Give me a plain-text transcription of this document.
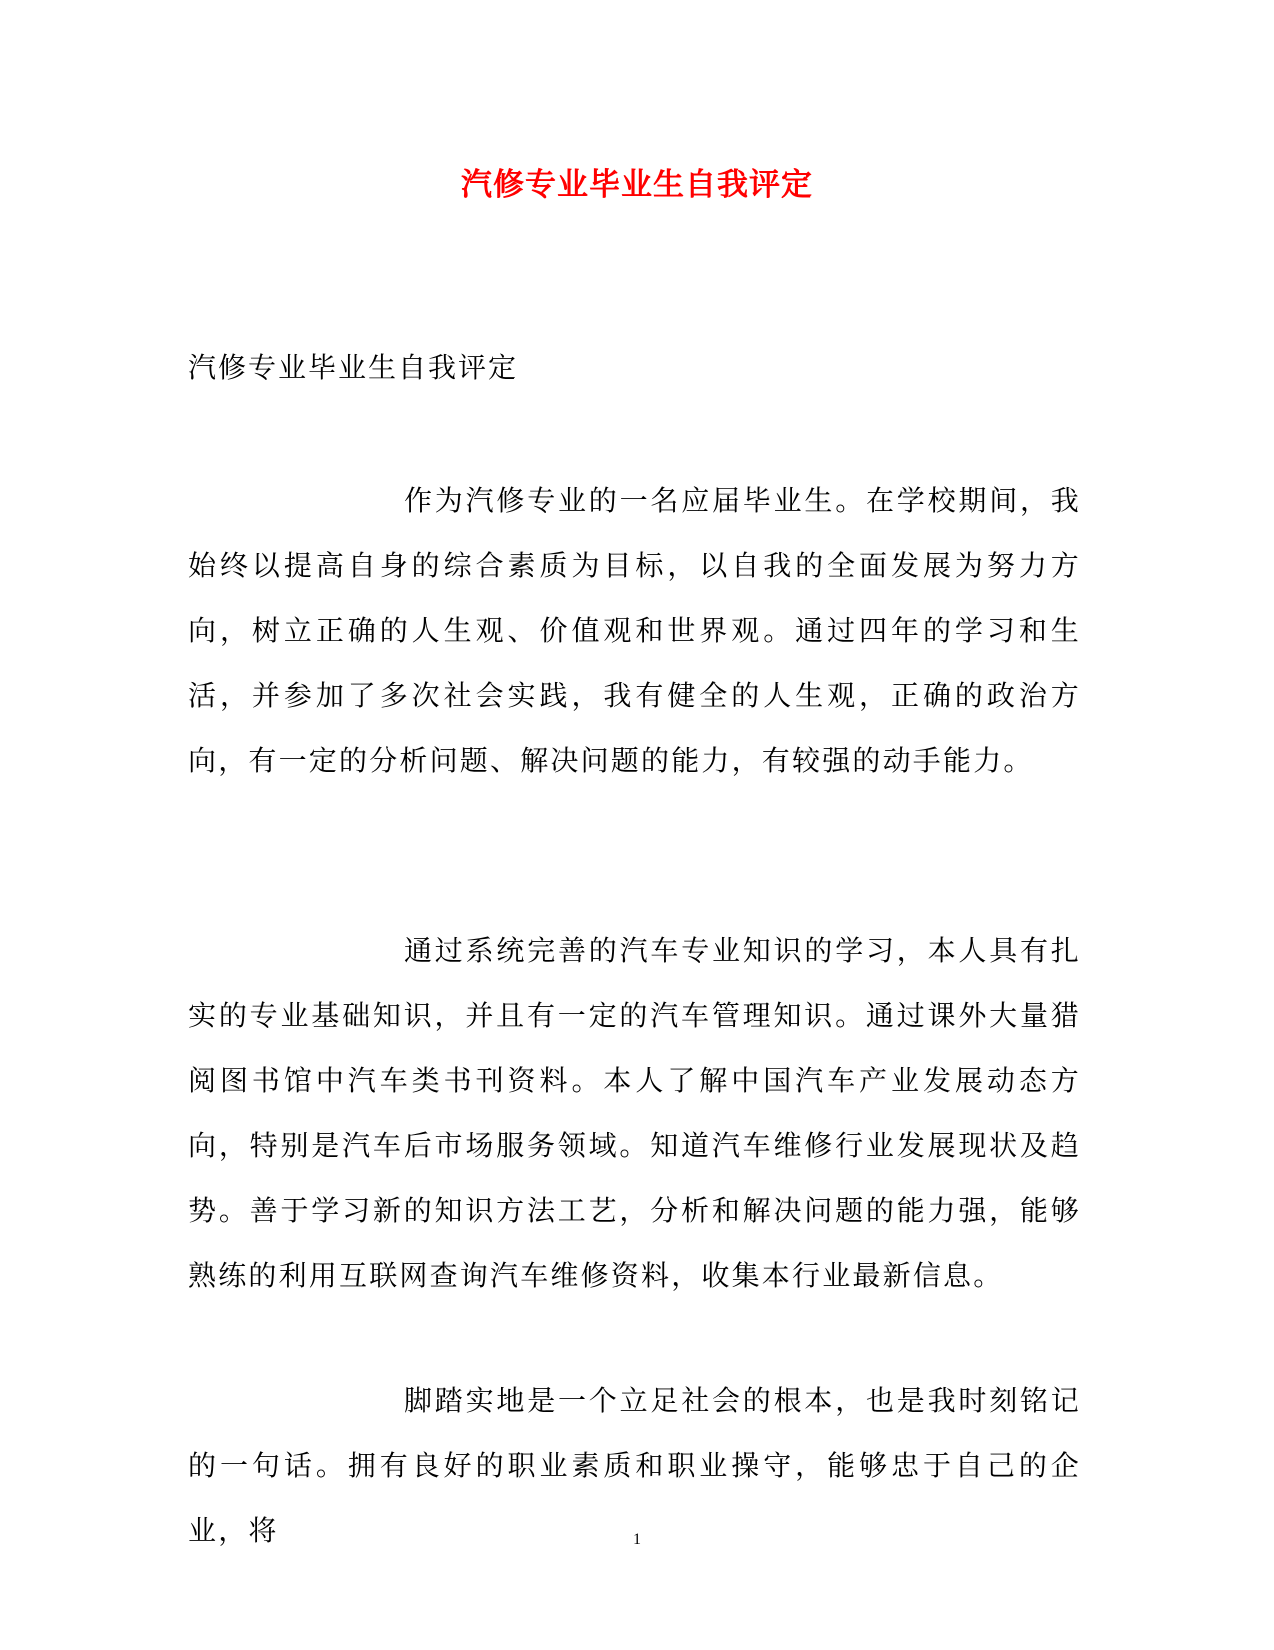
汽修专业毕业生自我评定
汽修专业毕业生自我评定

作为汽修专业的一名应届毕业生。在学校期间，我始终以提高自身的综合素质为目标，以自我的全面发展为努力方向，树立正确的人生观、价值观和世界观。通过四年的学习和生活，并参加了多次社会实践，我有健全的人生观，正确的政治方向，有一定的分析问题、解决问题的能力，有较强的动手能力。

通过系统完善的汽车专业知识的学习，本人具有扎实的专业基础知识，并且有一定的汽车管理知识。通过课外大量猎阅图书馆中汽车类书刊资料。本人了解中国汽车产业发展动态方向，特别是汽车后市场服务领域。知道汽车维修行业发展现状及趋势。善于学习新的知识方法工艺，分析和解决问题的能力强，能够熟练的利用互联网查询汽车维修资料，收集本行业最新信息。

脚踏实地是一个立足社会的根本，也是我时刻铭记的一句话。拥有良好的职业素质和职业操守，能够忠于自己的企业，将	1
